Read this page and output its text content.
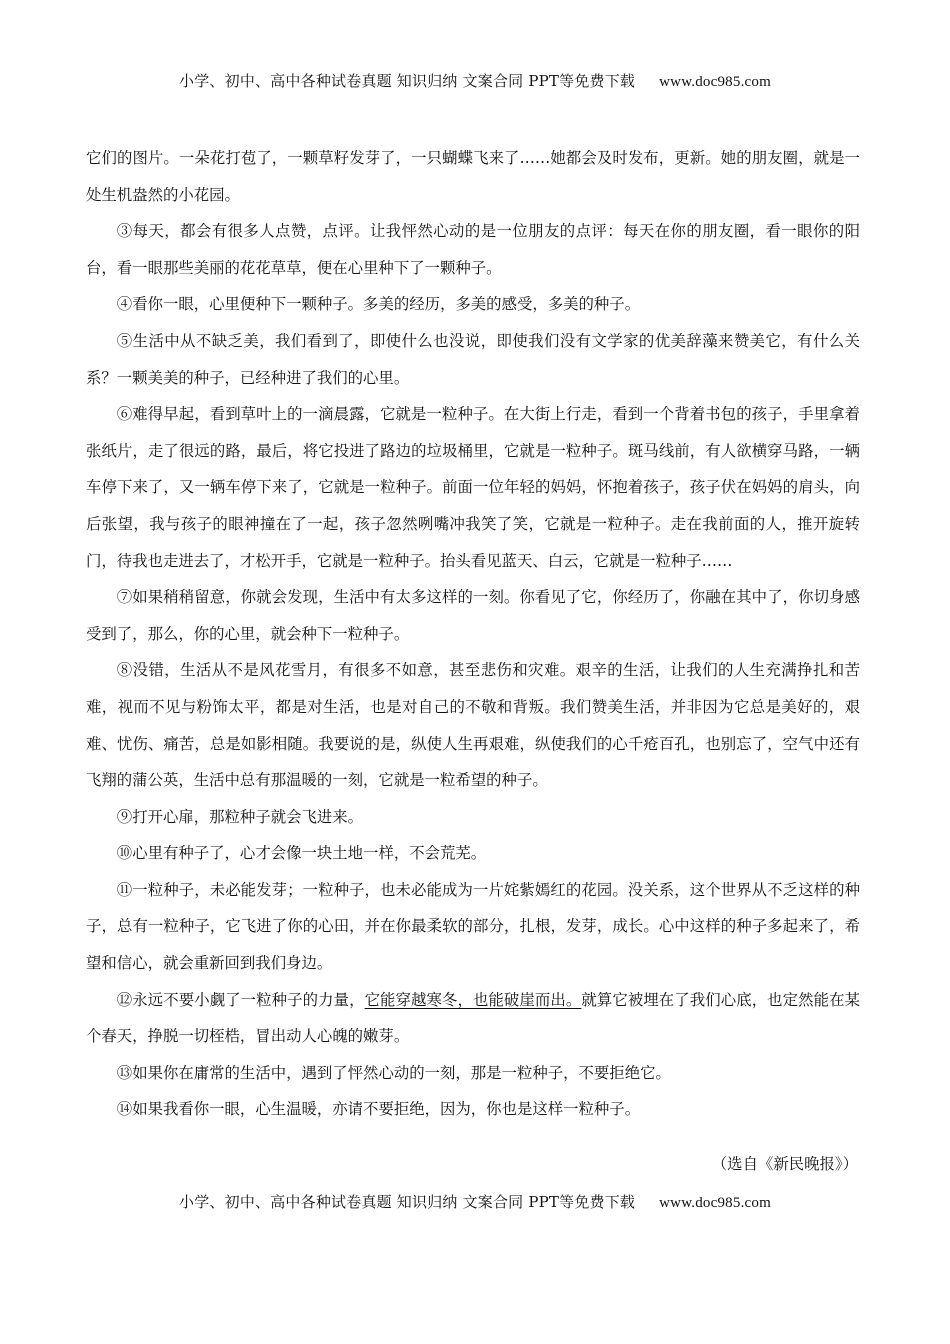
小学、初中、高中各种试卷真题 知识归纳 文案合同 PPT等免费下载 www.doc985.com

它们的图片。一朵花打苞了，一颗草籽发芽了，一只蝴蝶飞来了……她都会及时发布，更新。她的朋友圈，就是一处生机盎然的小花园。

③每天，都会有很多人点赞，点评。让我怦然心动的是一位朋友的点评：每天在你的朋友圈，看一眼你的阳台，看一眼那些美丽的花花草草，便在心里种下了一颗种子。

④看你一眼，心里便种下一颗种子。多美的经历，多美的感受，多美的种子。

⑤生活中从不缺乏美，我们看到了，即使什么也没说，即使我们没有文学家的优美辞藻来赞美它，有什么关系？一颗美美的种子，已经种进了我们的心里。

⑥难得早起，看到草叶上的一滴晨露，它就是一粒种子。在大街上行走，看到一个背着书包的孩子，手里拿着张纸片，走了很远的路，最后，将它投进了路边的垃圾桶里，它就是一粒种子。斑马线前，有人欲横穿马路，一辆车停下来了，又一辆车停下来了，它就是一粒种子。前面一位年轻的妈妈，怀抱着孩子，孩子伏在妈妈的肩头，向后张望，我与孩子的眼神撞在了一起，孩子忽然咧嘴冲我笑了笑，它就是一粒种子。走在我前面的人，推开旋转门，待我也走进去了，才松开手，它就是一粒种子。抬头看见蓝天、白云，它就是一粒种子……

⑦如果稍稍留意，你就会发现，生活中有太多这样的一刻。你看见了它，你经历了，你融在其中了，你切身感受到了，那么，你的心里，就会种下一粒种子。

⑧没错，生活从不是风花雪月，有很多不如意，甚至悲伤和灾难。艰辛的生活，让我们的人生充满挣扎和苦难，视而不见与粉饰太平，都是对生活，也是对自己的不敬和背叛。我们赞美生活，并非因为它总是美好的，艰难、忧伤、痛苦，总是如影相随。我要说的是，纵使人生再艰难，纵使我们的心千疮百孔，也别忘了，空气中还有飞翔的蒲公英，生活中总有那温暖的一刻，它就是一粒希望的种子。

⑨打开心扉，那粒种子就会飞进来。

⑩心里有种子了，心才会像一块土地一样，不会荒芜。

⑪一粒种子，未必能发芽；一粒种子，也未必能成为一片姹紫嫣红的花园。没关系，这个世界从不乏这样的种子，总有一粒种子，它飞进了你的心田，并在你最柔软的部分，扎根，发芽，成长。心中这样的种子多起来了，希望和信心，就会重新回到我们身边。

⑫永远不要小觑了一粒种子的力量，它能穿越寒冬，也能破崖而出。就算它被埋在了我们心底，也定然能在某个春天，挣脱一切桎梏，冒出动人心魄的嫩芽。

⑬如果你在庸常的生活中，遇到了怦然心动的一刻，那是一粒种子，不要拒绝它。

⑭如果我看你一眼，心生温暖，亦请不要拒绝，因为，你也是这样一粒种子。

（选自《新民晚报》）
小学、初中、高中各种试卷真题 知识归纳 文案合同 PPT等免费下载 www.doc985.com
